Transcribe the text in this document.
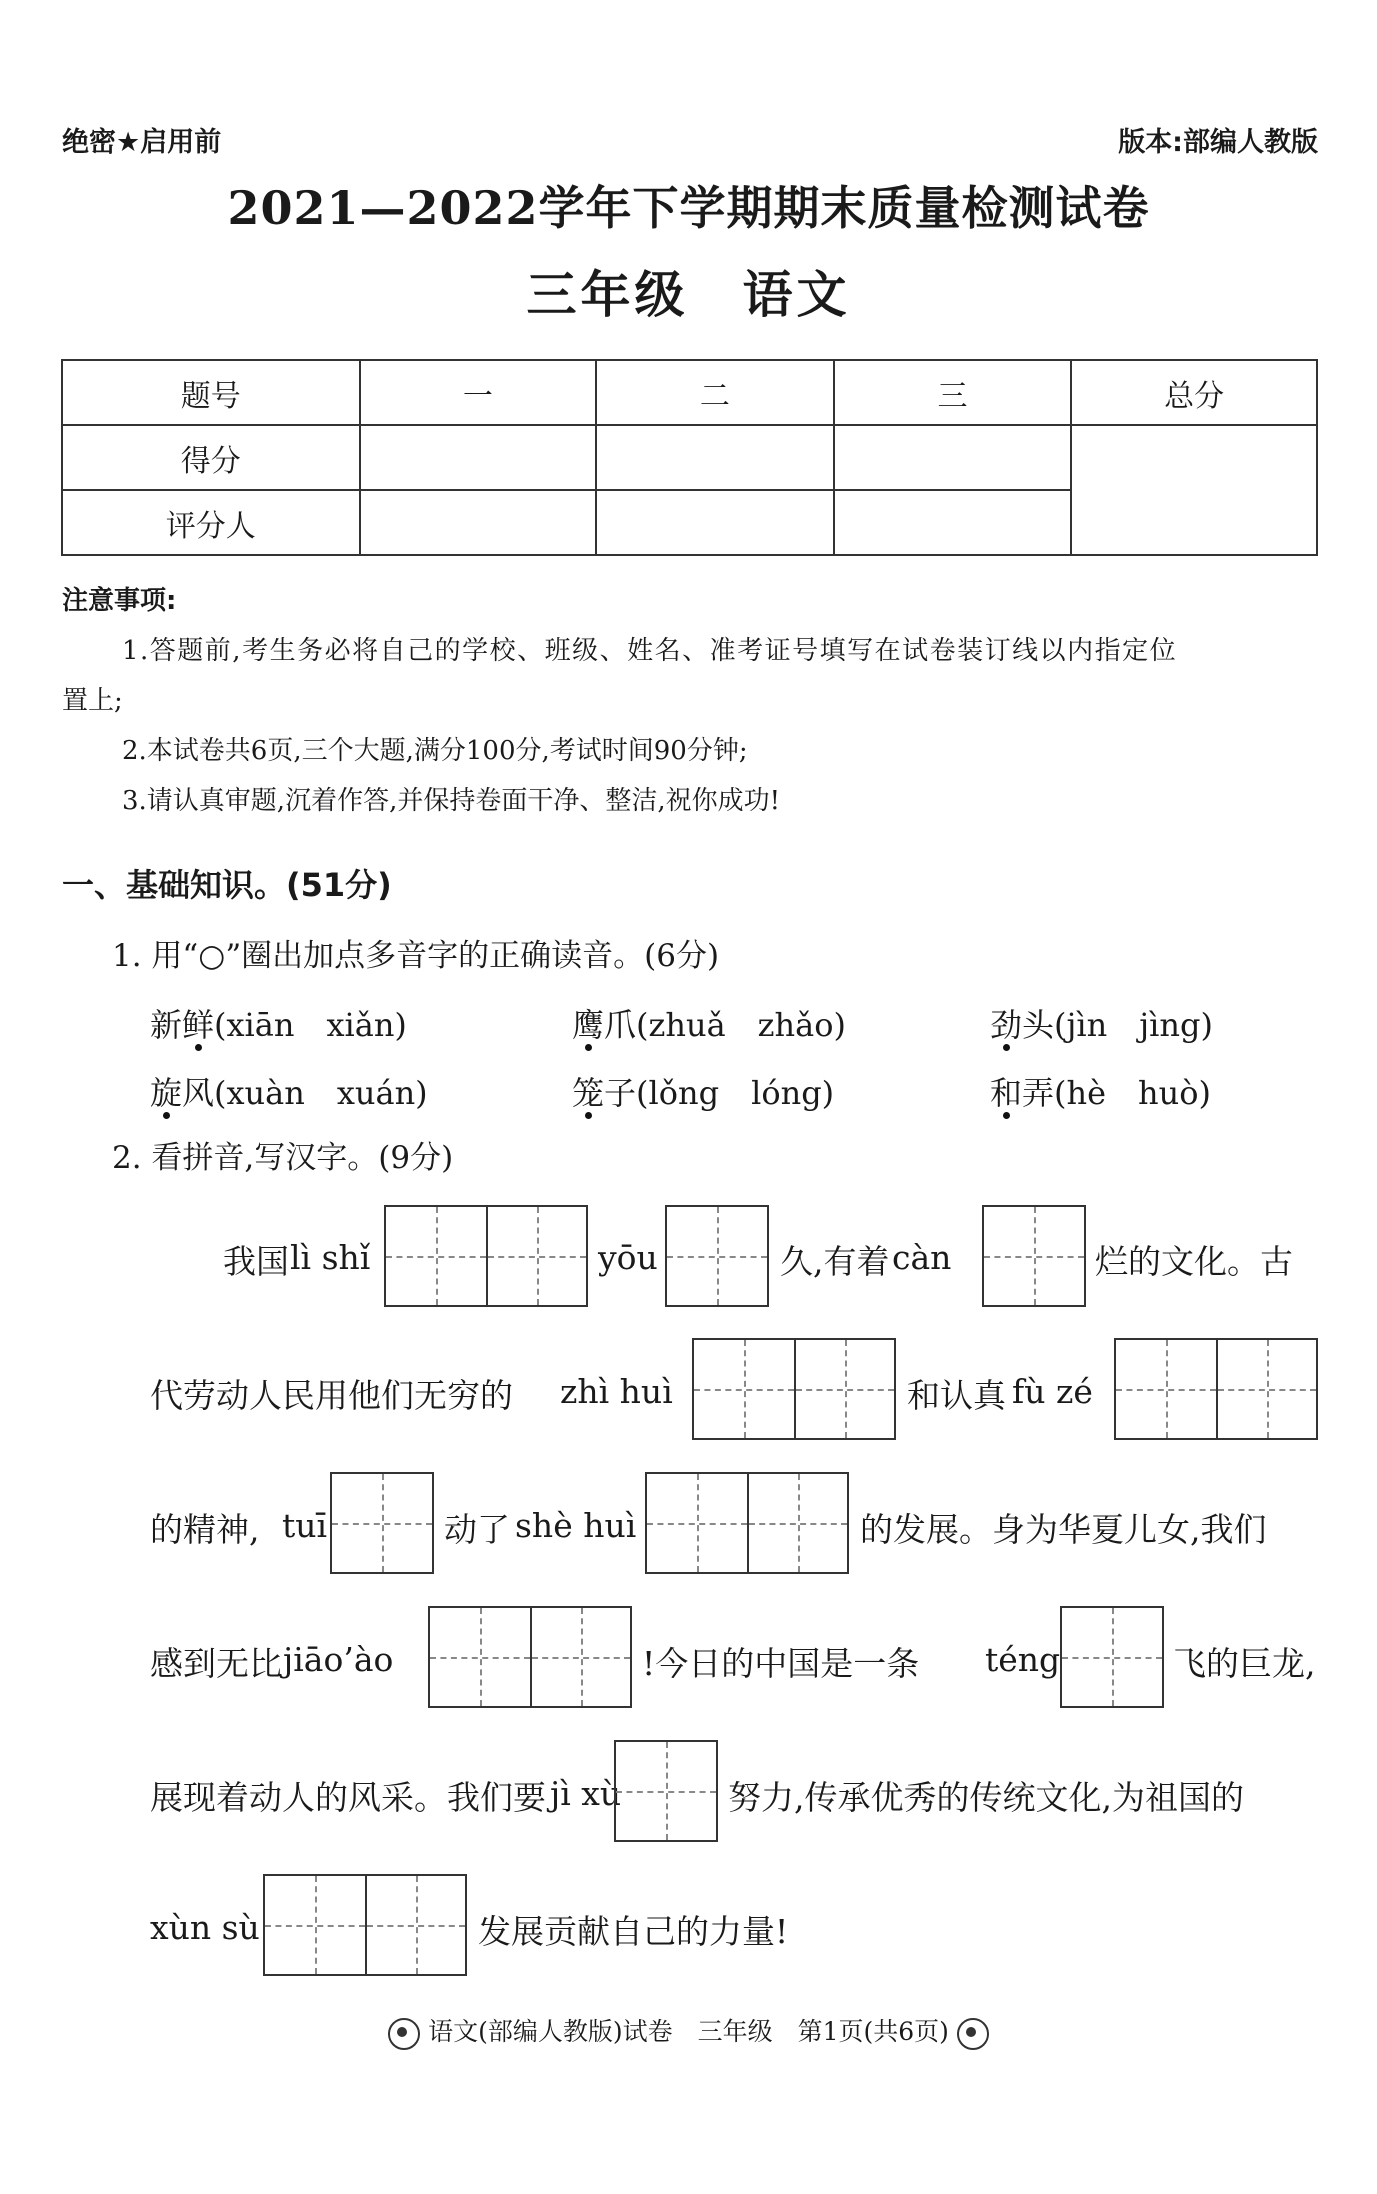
绝密★启用前	版本:部编人教版
2021—2022学年下学期期末质量检测试卷
三年级　语文
题号	一	二	三	总分
得分				
评分人				
注意事项:
1.答题前,考生务必将自己的学校、班级、姓名、准考证号填写在试卷装订线以内指定位
置上;
2.本试卷共6页,三个大题,满分100分,考试时间90分钟;
3.请认真审题,沉着作答,并保持卷面干净、整洁,祝你成功!
一、基础知识。(51分)
1. 用“○”圈出加点多音字的正确读音。(6分)
新鲜(xiān　xiǎn)	鹰爪(zhuǎ　zhǎo)	劲头(jìn　jìng)
旋风(xuàn　xuán)	笼子(lǒng　lóng)	和弄(hè　huò)
2. 看拼音,写汉字。(9分)
我国 lì shǐ	yōu	久,有着 càn	烂的文化。古
代劳动人民用他们无穷的 zhì huì	和认真 fù zé
的精神, tuī	动了 shè huì	的发展。身为华夏儿女,我们
感到无比 jiāo’ào	!今日的中国是一条 téng	飞的巨龙,
展现着动人的风采。我们要 jì xù	努力,传承优秀的传统文化,为祖国的
xùn sù	发展贡献自己的力量!
语文(部编人教版)试卷　三年级　第1页(共6页)
